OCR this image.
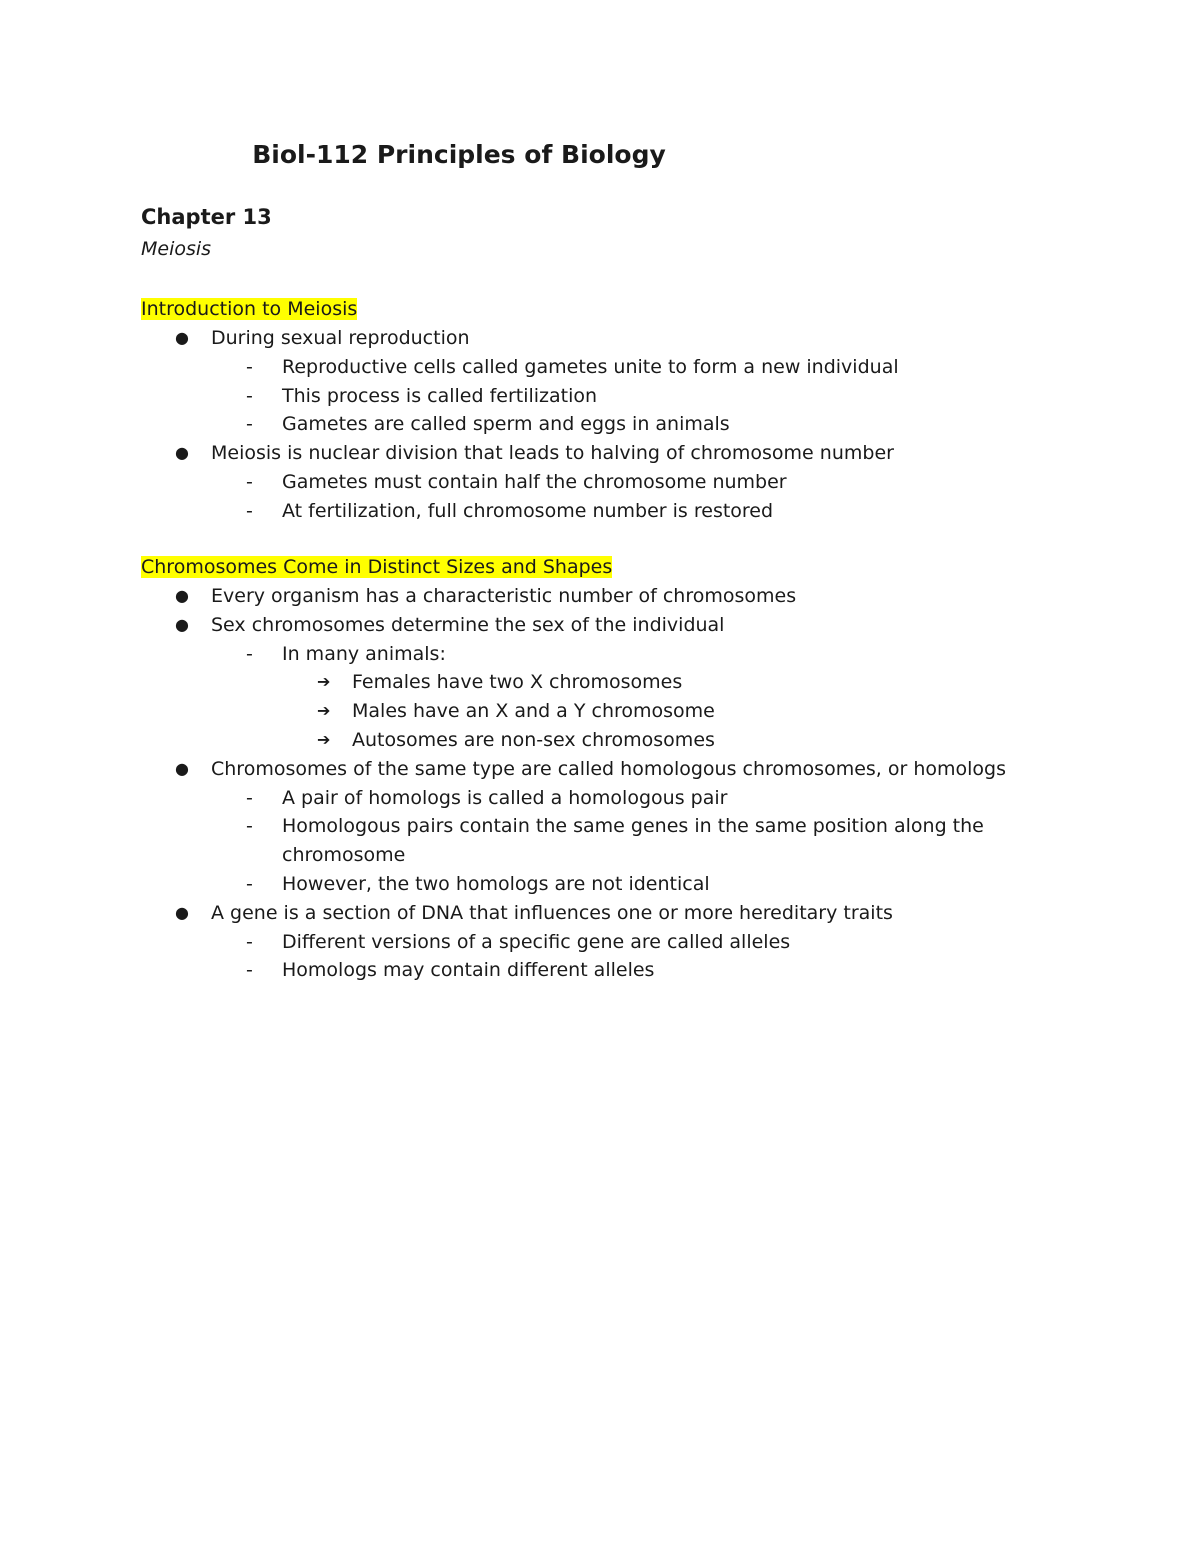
Biol-112 Principles of Biology
Chapter 13
Meiosis

Introduction to Meiosis

● During sexual reproduction
- Reproductive cells called gametes unite to form a new individual
- This process is called fertilization
- Gametes are called sperm and eggs in animals
● Meiosis is nuclear division that leads to halving of chromosome number
- Gametes must contain half the chromosome number
- At fertilization, full chromosome number is restored

Chromosomes Come in Distinct Sizes and Shapes

● Every organism has a characteristic number of chromosomes
● Sex chromosomes determine the sex of the individual
- In many animals:
➔ Females have two X chromosomes
➔ Males have an X and a Y chromosome
➔ Autosomes are non-sex chromosomes
● Chromosomes of the same type are called homologous chromosomes, or homologs
- A pair of homologs is called a homologous pair
- Homologous pairs contain the same genes in the same position along the chromosome
- However, the two homologs are not identical
● A gene is a section of DNA that influences one or more hereditary traits
- Different versions of a specific gene are called alleles
- Homologs may contain different alleles
